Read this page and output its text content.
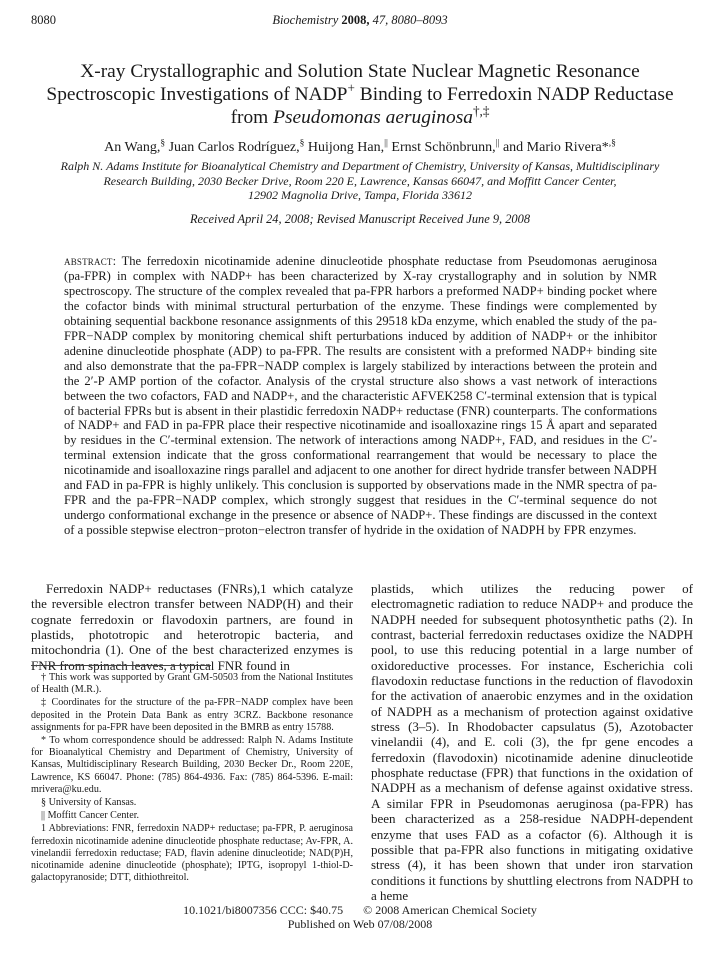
8080	Biochemistry 2008, 47, 8080–8093
X-ray Crystallographic and Solution State Nuclear Magnetic Resonance
Spectroscopic Investigations of NADP+ Binding to Ferredoxin NADP Reductase
from Pseudomonas aeruginosa†,‡
An Wang,§ Juan Carlos Rodríguez,§ Huijong Han,|| Ernst Schönbrunn,|| and Mario Rivera*,§
Ralph N. Adams Institute for Bioanalytical Chemistry and Department of Chemistry, University of Kansas, Multidisciplinary
Research Building, 2030 Becker Drive, Room 220 E, Lawrence, Kansas 66047, and Moffitt Cancer Center,
12902 Magnolia Drive, Tampa, Florida 33612
Received April 24, 2008; Revised Manuscript Received June 9, 2008
abstract: The ferredoxin nicotinamide adenine dinucleotide phosphate reductase from Pseudomonas aeruginosa (pa-FPR) in complex with NADP+ has been characterized by X-ray crystallography and in solution by NMR spectroscopy. The structure of the complex revealed that pa-FPR harbors a preformed NADP+ binding pocket where the cofactor binds with minimal structural perturbation of the enzyme. These findings were complemented by obtaining sequential backbone resonance assignments of this 29518 kDa enzyme, which enabled the study of the pa-FPR−NADP complex by monitoring chemical shift perturbations induced by addition of NADP+ or the inhibitor adenine dinucleotide phosphate (ADP) to pa-FPR. The results are consistent with a preformed NADP+ binding site and also demonstrate that the pa-FPR−NADP complex is largely stabilized by interactions between the protein and the 2′-P AMP portion of the cofactor. Analysis of the crystal structure also shows a vast network of interactions between the two cofactors, FAD and NADP+, and the characteristic AFVEK258 C′-terminal extension that is typical of bacterial FPRs but is absent in their plastidic ferredoxin NADP+ reductase (FNR) counterparts. The conformations of NADP+ and FAD in pa-FPR place their respective nicotinamide and isoalloxazine rings 15 Å apart and separated by residues in the C′-terminal extension. The network of interactions among NADP+, FAD, and residues in the C′-terminal extension indicate that the gross conformational rearrangement that would be necessary to place the nicotinamide and isoalloxazine rings parallel and adjacent to one another for direct hydride transfer between NADPH and FAD in pa-FPR is highly unlikely. This conclusion is supported by observations made in the NMR spectra of pa-FPR and the pa-FPR−NADP complex, which strongly suggest that residues in the C′-terminal sequence do not undergo conformational exchange in the presence or absence of NADP+. These findings are discussed in the context of a possible stepwise electron−proton−electron transfer of hydride in the oxidation of NADPH by FPR enzymes.

Ferredoxin NADP+ reductases (FNRs),1 which catalyze the reversible electron transfer between NADP(H) and their cognate ferredoxin or flavodoxin partners, are found in plastids, phototropic and heterotropic bacteria, and mitochondria (1). One of the best characterized enzymes is FNR from spinach leaves, a typical FNR found in

† This work was supported by Grant GM-50503 from the National Institutes of Health (M.R.).

‡ Coordinates for the structure of the pa-FPR−NADP complex have been deposited in the Protein Data Bank as entry 3CRZ. Backbone resonance assignments for pa-FPR have been deposited in the BMRB as entry 15788.

* To whom correspondence should be addressed: Ralph N. Adams Institute for Bioanalytical Chemistry and Department of Chemistry, University of Kansas, Multidisciplinary Research Building, 2030 Becker Dr., Room 220E, Lawrence, KS 66047. Phone: (785) 864-4936. Fax: (785) 864-5396. E-mail: mrivera@ku.edu.

§ University of Kansas.

|| Moffitt Cancer Center.

1 Abbreviations: FNR, ferredoxin NADP+ reductase; pa-FPR, P. aeruginosa ferredoxin nicotinamide adenine dinucleotide phosphate reductase; Av-FPR, A. vinelandii ferredoxin reductase; FAD, flavin adenine dinucleotide; NAD(P)H, nicotinamide adenine dinucleotide (phosphate); IPTG, isopropyl 1-thiol-D-galactopyranoside; DTT, dithiothreitol.

plastids, which utilizes the reducing power of electromagnetic radiation to reduce NADP+ and produce the NADPH needed for subsequent photosynthetic paths (2). In contrast, bacterial ferredoxin reductases oxidize the NADPH pool, to use this reducing potential in a large number of oxidoreductive processes. For instance, Escherichia coli flavodoxin reductase functions in the reduction of flavodoxin for the activation of anaerobic enzymes and in the oxidation of NADPH as a mechanism of protection against oxidative stress (3–5). In Rhodobacter capsulatus (5), Azotobacter vinelandii (4), and E. coli (3), the fpr gene encodes a ferredoxin (flavodoxin) nicotinamide adenine dinucleotide phosphate reductase (FPR) that functions in the oxidation of NADPH as a mechanism of defense against oxidative stress. A similar FPR in Pseudomonas aeruginosa (pa-FPR) has been characterized as a 258-residue NADPH-dependent enzyme that uses FAD as a cofactor (6). Although it is possible that pa-FPR also functions in mitigating oxidative stress (4), it has been shown that under iron starvation conditions it functions by shuttling electrons from NADPH to a heme

10.1021/bi8007356 CCC: $40.75 © 2008 American Chemical Society
Published on Web 07/08/2008
